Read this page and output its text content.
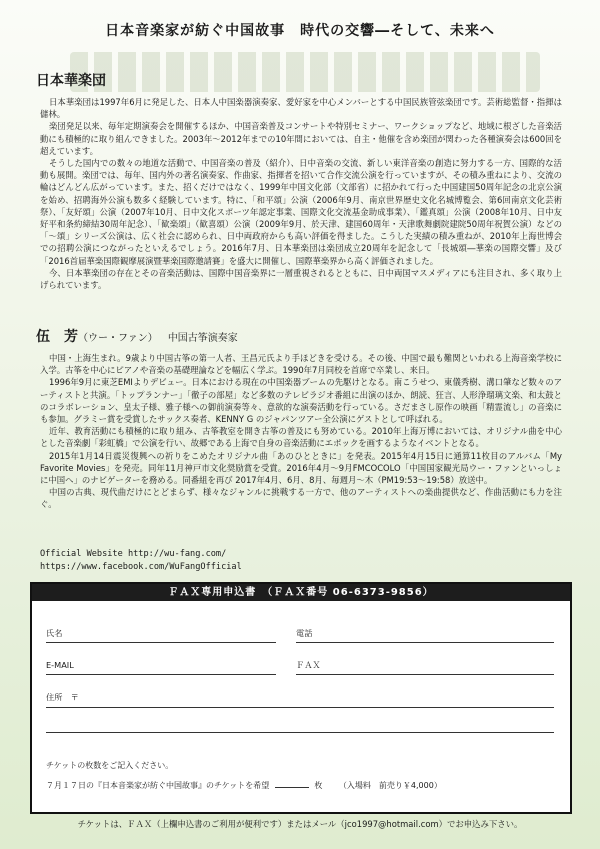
日本音楽家が紡ぐ中国故事　時代の交響―そして、未来へ
日本華楽団

日本華楽団は1997年6月に発足した、日本人中国楽器演奏家、愛好家を中心メンバーとする中国民族管弦楽団です。芸術総監督・指揮は儲林。

楽団発足以来、毎年定期演奏会を開催するほか、中国音楽普及コンサートや特別セミナー、ワークショップなど、地域に根ざした音楽活動にも積極的に取り組んできました。2003年～2012年までの10年間においては、自主・他催を含め楽団が関わった各種演奏会は600回を超えています。

そうした国内での数々の地道な活動で、中国音楽の普及（紹介）、日中音楽の交流、新しい東洋音楽の創造に努力する一方、国際的な活動も展開。楽団では、毎年、国内外の著名演奏家、作曲家、指揮者を招いて合作交流公演を行っていますが、その積み重ねにより、交流の輪はどんどん広がっています。また、招くだけではなく、1999年中国文化部（文部省）に招かれて行った中国建国50周年記念の北京公演を始め、招聘海外公演も数多く経験しています。特に、「和平頌」公演（2006年9月、南京世界歴史文化名城博覧会、第6回南京文化芸術祭）、「友好頌」公演（2007年10月、日中文化スポーツ年認定事業、国際文化交流基金助成事業）、「鑑真頌」公演（2008年10月、日中友好平和条約締結30周年記念）、「歓楽頌」（歓喜頌）公演（2009年9月、於天津、建国60周年・天津歌舞劇院建院50周年祝賀公演）などの「～頌」シリーズ公演は、広く社会に認められ、日中両政府からも高い評価を得ました。こうした実績の積み重ねが、2010年上海世博会での招聘公演につながったといえるでしょう。2016年7月、日本華楽団は楽団成立20周年を記念して「長城頌―華楽の国際交響」及び「2016首届華楽国際観摩展演暨華楽国際邀請賽」を盛大に開催し、国際華楽界から高く評価されました。

今、日本華楽団の存在とその音楽活動は、国際中国音楽界に一層重視されるとともに、日中両国マスメディアにも注目され、多く取り上げられています。

伍　芳（ウー・ファン） 中国古筝演奏家

中国・上海生まれ。9歳より中国古筝の第一人者、王昌元氏より手ほどきを受ける。その後、中国で最も難関といわれる上海音楽学校に入学。古筝を中心にピアノや音楽の基礎理論などを幅広く学ぶ。1990年7月同校を首席で卒業し、来日。

1996年9月に東芝EMIよりデビュー。日本における現在の中国楽器ブームの先駆けとなる。南こうせつ、東儀秀樹、溝口肇など数々のアーティストと共演。「トップランナー」「徹子の部屋」など多数のテレビラジオ番組に出演のほか、朗読、狂言、人形浄瑠璃文楽、和太鼓とのコラボレーション、皇太子様、雅子様への御前演奏等々、意欲的な演奏活動を行っている。さだまさし原作の映画「精霊流し」の音楽にも参加。グラミー賞を受賞したサックス奏者、KENNY G のジャパンツアー全公演にゲストとして呼ばれる。

近年、教育活動にも積極的に取り組み、古筝教室を開き古筝の普及にも努めている。2010年上海万博においては、オリジナル曲を中心とした音楽劇「彩虹橋」で公演を行い、故郷である上海で自身の音楽活動にエポックを画するようなイベントとなる。

2015年1月14日震災復興への祈りをこめたオリジナル曲「あのひとときに」を発表。2015年4月15日に通算11枚目のアルバム「My Favorite Movies」を発売。同年11月神戸市文化奨励賞を受賞。2016年4月～9月FMCOCOLO「中国国家観光局ウー・ファンといっしょに中国へ」のナビゲーターを務める。同番組を再び 2017年4月、6月、8月、毎週月～木（PM19:53～19:58）放送中。

中国の古典、現代曲だけにとどまらず、様々なジャンルに挑戦する一方で、他のアーティストへの楽曲提供など、作曲活動にも力を注ぐ。

Official Website http://wu-fang.com/

https://www.facebook.com/WuFangOfficial

ＦＡＸ専用申込書　（ＦＡＸ番号 06-6373-9856）
氏名	電話
E-MAIL	ＦＡＸ
住所　〒
チケットの枚数をご記入ください。
７月１７日の『日本音楽家が紡ぐ中国故事』のチケットを希望	枚 （入場料　前売り￥4,000）
チケットは、ＦＡＸ（上欄申込書のご利用が便利です）またはメール（jco1997@hotmail.com）でお申込み下さい。
